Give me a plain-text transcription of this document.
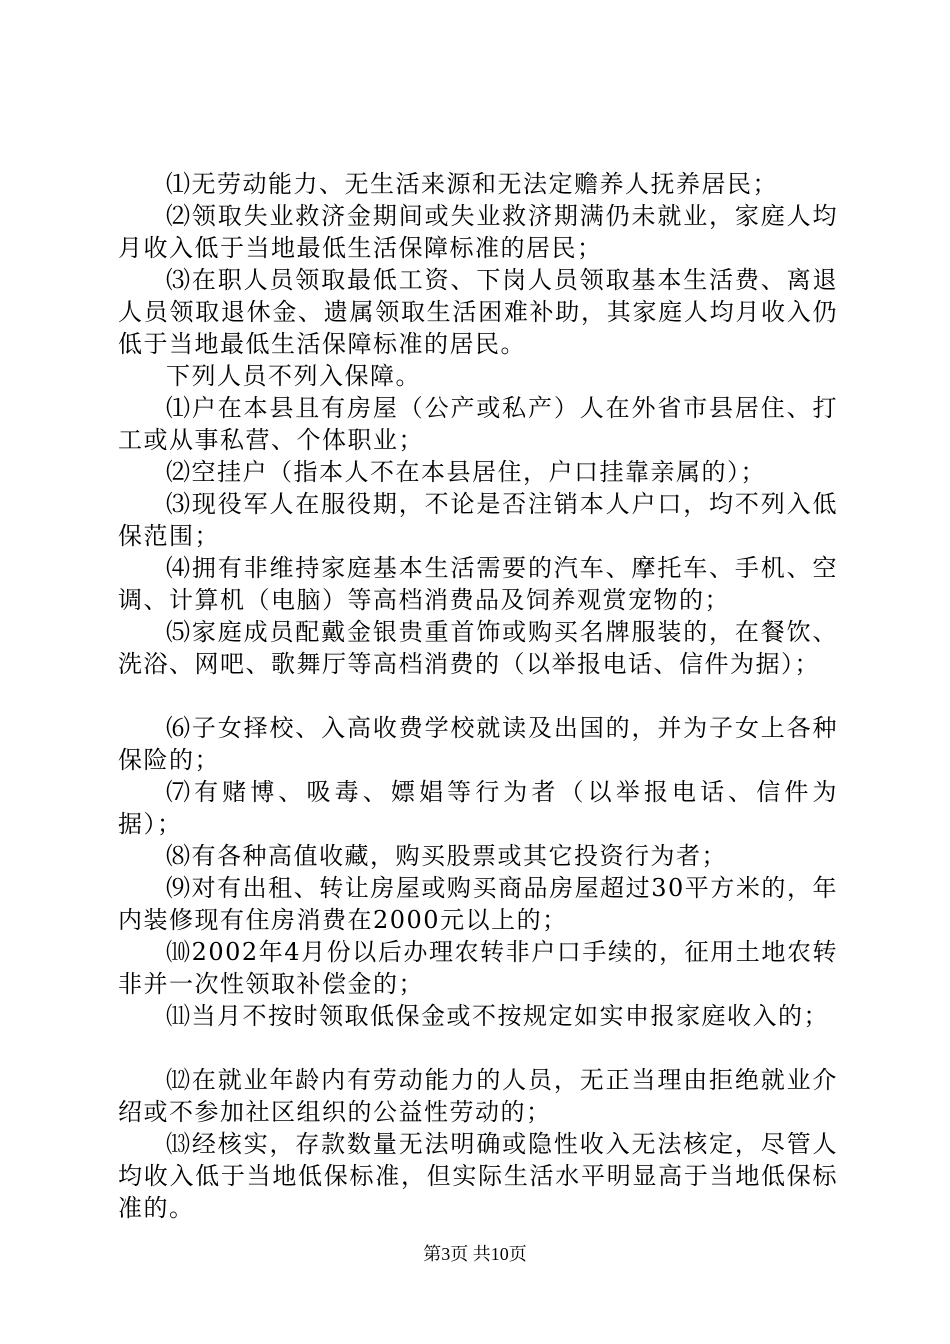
⑴无劳动能力、无生活来源和无法定赡养人抚养居民；

⑵领取失业救济金期间或失业救济期满仍未就业，家庭人均月收入低于当地最低生活保障标准的居民；

⑶在职人员领取最低工资、下岗人员领取基本生活费、离退人员领取退休金、遗属领取生活困难补助，其家庭人均月收入仍低于当地最低生活保障标准的居民。

下列人员不列入保障。

⑴户在本县且有房屋（公产或私产）人在外省市县居住、打工或从事私营、个体职业；

⑵空挂户（指本人不在本县居住，户口挂靠亲属的）；

⑶现役军人在服役期，不论是否注销本人户口，均不列入低保范围；

⑷拥有非维持家庭基本生活需要的汽车、摩托车、手机、空调、计算机（电脑）等高档消费品及饲养观赏宠物的；

⑸家庭成员配戴金银贵重首饰或购买名牌服装的，在餐饮、洗浴、网吧、歌舞厅等高档消费的（以举报电话、信件为据）；

⑹子女择校、入高收费学校就读及出国的，并为子女上各种保险的；

⑺有赌博、吸毒、嫖娼等行为者（以举报电话、信件为据）；

⑻有各种高值收藏，购买股票或其它投资行为者；

⑼对有出租、转让房屋或购买商品房屋超过30平方米的，年内装修现有住房消费在2000元以上的；

⑽2002年4月份以后办理农转非户口手续的，征用土地农转非并一次性领取补偿金的；

⑾当月不按时领取低保金或不按规定如实申报家庭收入的；

⑿在就业年龄内有劳动能力的人员，无正当理由拒绝就业介绍或不参加社区组织的公益性劳动的；

⒀经核实，存款数量无法明确或隐性收入无法核定，尽管人均收入低于当地低保标准，但实际生活水平明显高于当地低保标准的。

第3页 共10页
